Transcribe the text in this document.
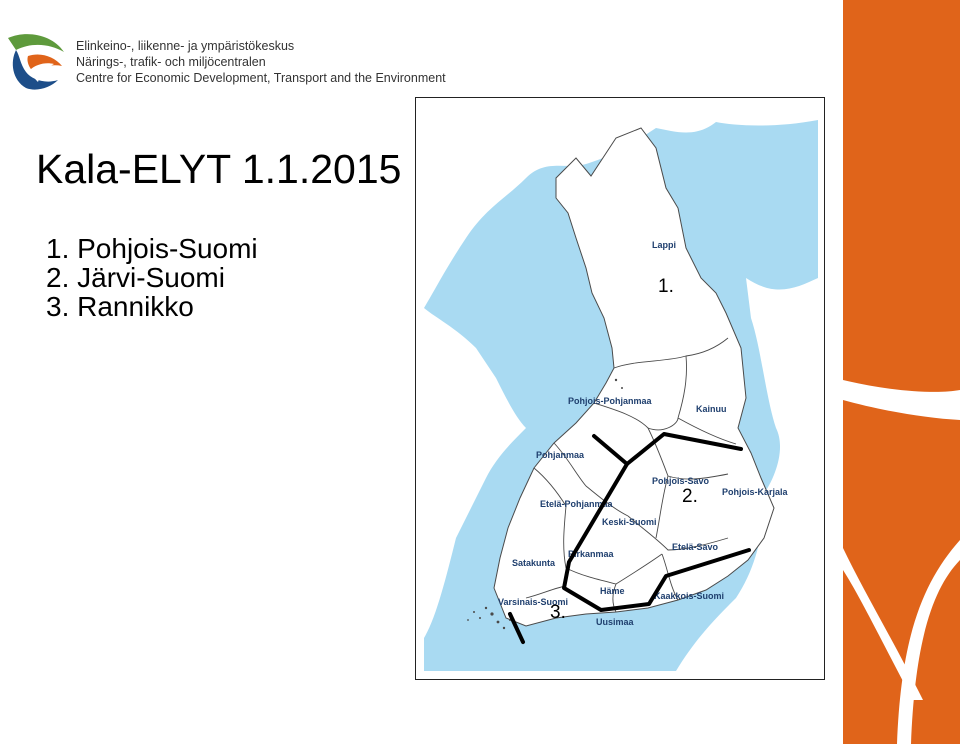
Elinkeino-, liikenne- ja ympäristökeskus
Närings-, trafik- och miljöcentralen
Centre for Economic Development, Transport and the Environment
Kala-ELYT 1.1.2015
1. Pohjois-Suomi
2. Järvi-Suomi
3. Rannikko
Lappi
Pohjois-Pohjanmaa
Kainuu
Pohjanmaa
Pohjois-Savo
Pohjois-Karjala
Etelä-Pohjanmaa
Keski-Suomi
Etelä-Savo
Pirkanmaa
Satakunta
Häme	Kaakkois-Suomi
Varsinais-Suomi
Uusimaa
1.
2.
3.
